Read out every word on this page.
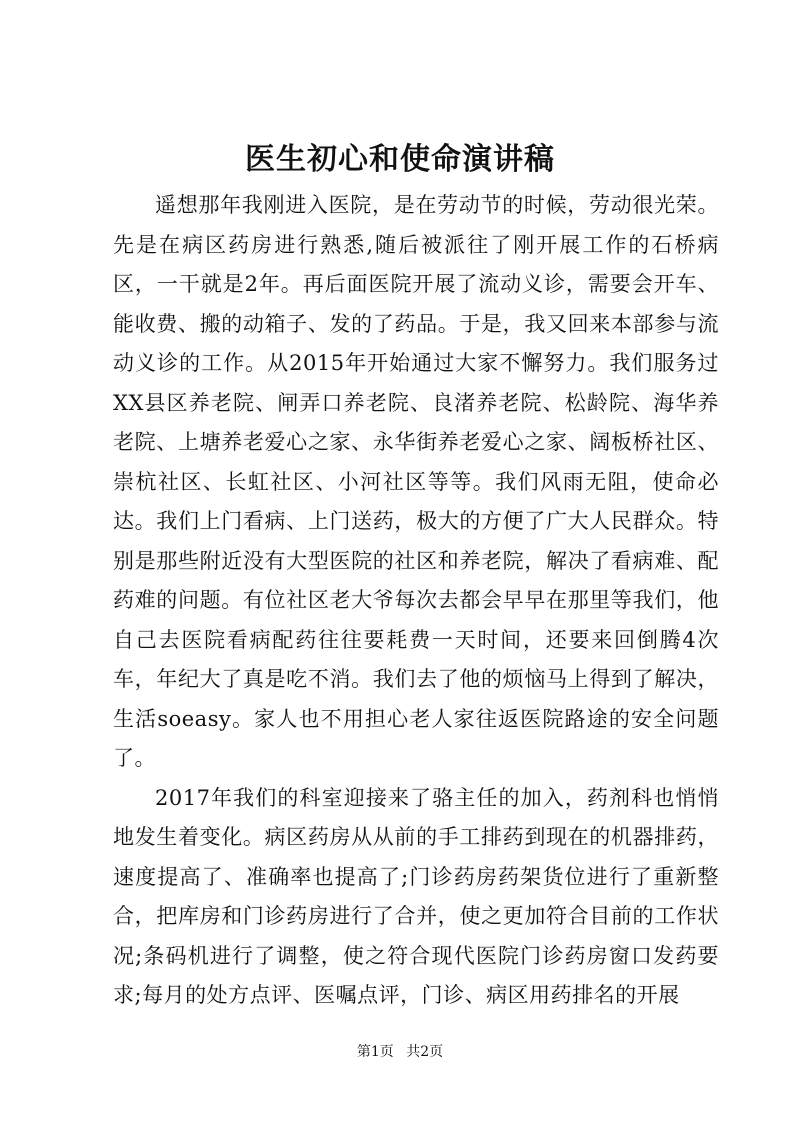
医生初心和使命演讲稿

遥想那年我刚进入医院，是在劳动节的时候，劳动很光荣。先是在病区药房进行熟悉,随后被派往了刚开展工作的石桥病区，一干就是2年。再后面医院开展了流动义诊，需要会开车、能收费、搬的动箱子、发的了药品。于是，我又回来本部参与流动义诊的工作。从2015年开始通过大家不懈努力。我们服务过XX县区养老院、闸弄口养老院、良渚养老院、松龄院、海华养老院、上塘养老爱心之家、永华街养老爱心之家、阔板桥社区、崇杭社区、长虹社区、小河社区等等。我们风雨无阻，使命必达。我们上门看病、上门送药，极大的方便了广大人民群众。特别是那些附近没有大型医院的社区和养老院，解决了看病难、配药难的问题。有位社区老大爷每次去都会早早在那里等我们，他自己去医院看病配药往往要耗费一天时间，还要来回倒腾4次车，年纪大了真是吃不消。我们去了他的烦恼马上得到了解决，生活soeasy。家人也不用担心老人家往返医院路途的安全问题了。

2017年我们的科室迎接来了骆主任的加入，药剂科也悄悄地发生着变化。病区药房从从前的手工排药到现在的机器排药，速度提高了、准确率也提高了;门诊药房药架货位进行了重新整合，把库房和门诊药房进行了合并，使之更加符合目前的工作状况;条码机进行了调整，使之符合现代医院门诊药房窗口发药要求;每月的处方点评、医嘱点评，门诊、病区用药排名的开展

第1页 共2页
